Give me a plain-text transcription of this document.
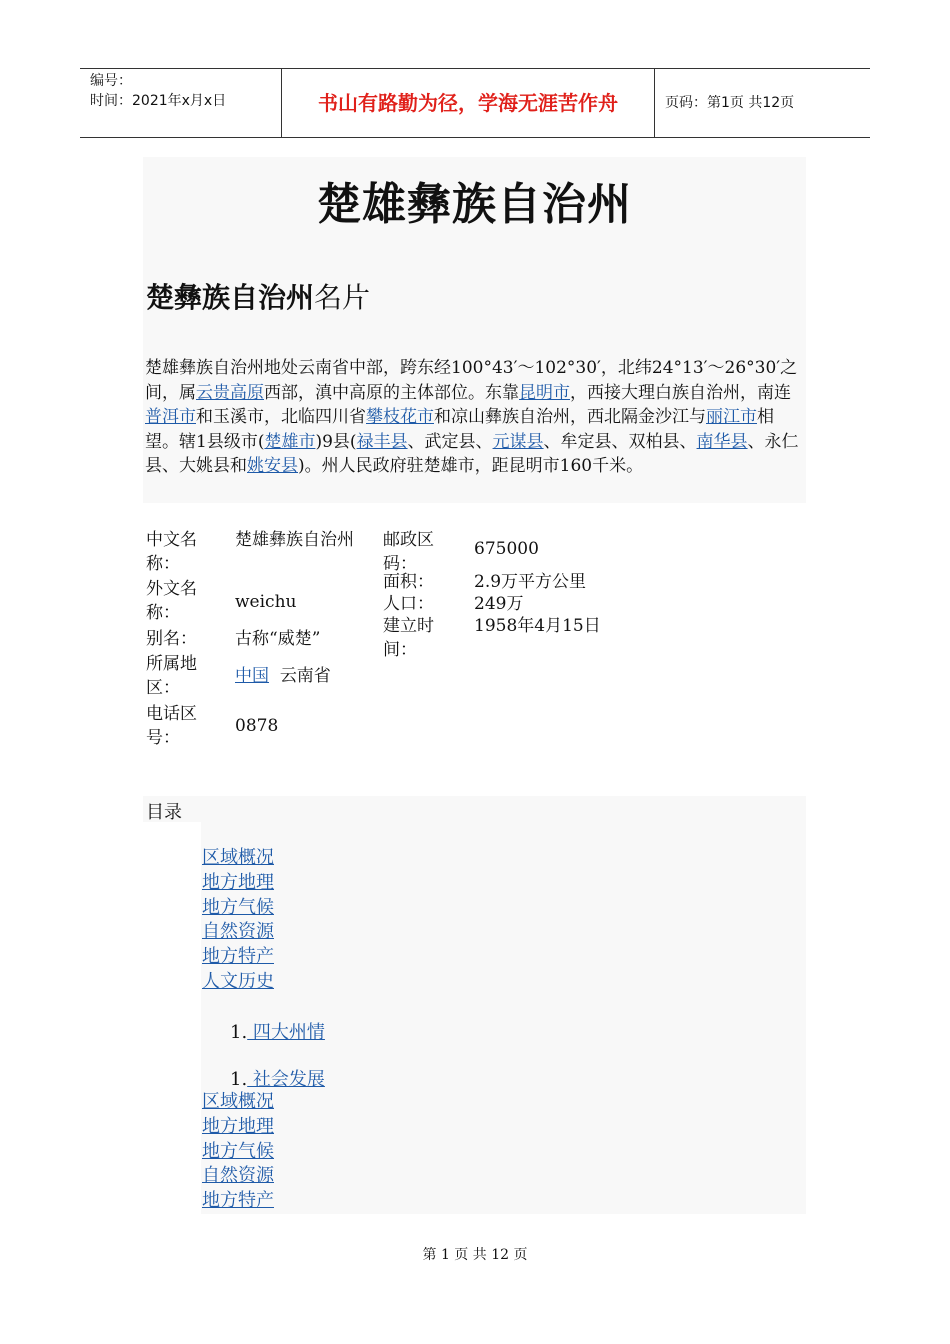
编号：
时间：2021年x月x日	书山有路勤为径，学海无涯苦作舟	页码：第1页 共12页
楚雄彝族自治州
楚彝族自治州名片
楚雄彝族自治州地处云南省中部，跨东经100°43′～102°30′，北纬24°13′～26°30′之间，属云贵高原西部，滇中高原的主体部位。东靠昆明市，西接大理白族自治州，南连普洱市和玉溪市，北临四川省攀枝花市和凉山彝族自治州，西北隔金沙江与丽江市相望。辖1县级市(楚雄市)9县(禄丰县、武定县、元谋县、牟定县、双柏县、南华县、永仁县、大姚县和姚安县)。州人民政府驻楚雄市，距昆明市160千米。
中文名称：
楚雄彝族自治州
外文名称：
weichu
别名： 古称“威楚”
所属地区：
中国 云南省
电话区号：
0878
邮政区码：
675000
面积： 2.9万平方公里
人口： 249万
建立时间：
1958年4月15日
目录
区域概况
地方地理
地方气候
自然资源
地方特产
人文历史
1. 四大州情
1. 社会发展
区域概况
地方地理
地方气候
自然资源
地方特产
第 1 页 共 12 页
